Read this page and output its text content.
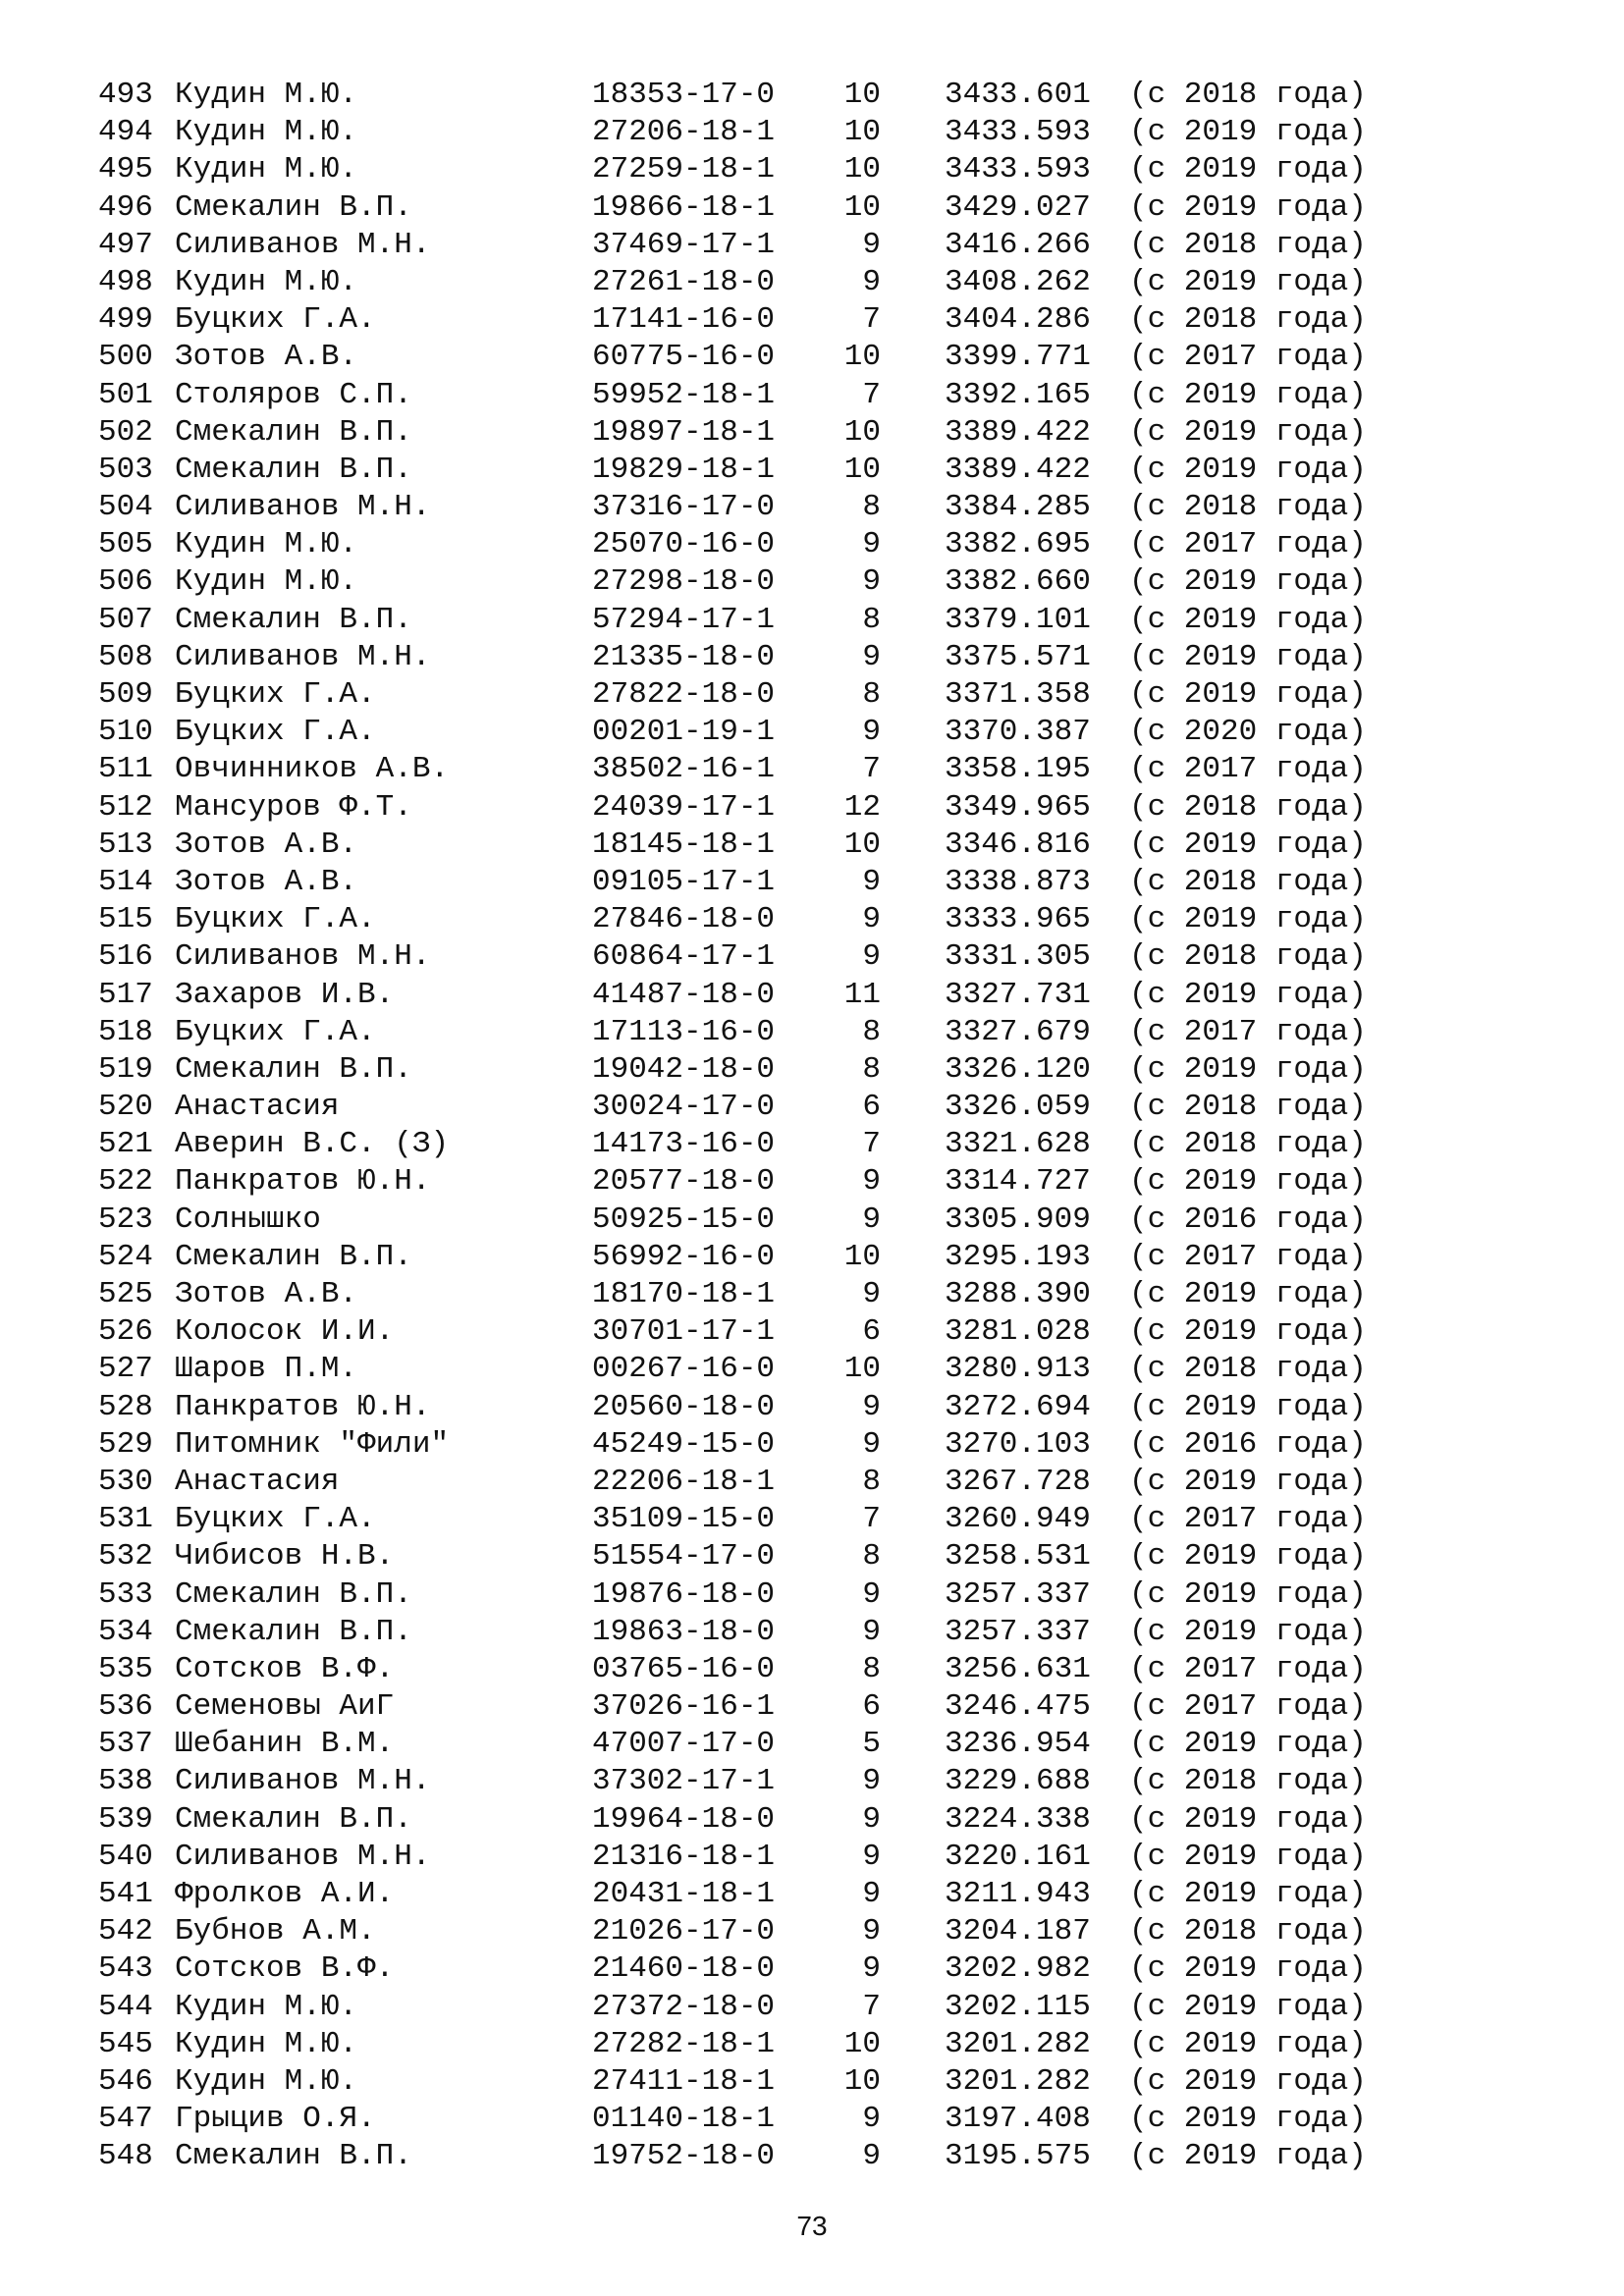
493 Кудин М.Ю.	18353-17-0	10 3433.601 (с 2018 года)
494 Кудин М.Ю.	27206-18-1	10 3433.593 (с 2019 года)
495 Кудин М.Ю.	27259-18-1	10 3433.593 (с 2019 года)
496 Смекалин В.П.	19866-18-1	10 3429.027 (с 2019 года)
497 Силиванов М.Н.	37469-17-1	9 3416.266 (с 2018 года)
498 Кудин М.Ю.	27261-18-0	9 3408.262 (с 2019 года)
499 Буцких Г.А.	17141-16-0	7 3404.286 (с 2018 года)
500 Зотов А.В.	60775-16-0	10 3399.771 (с 2017 года)
501 Столяров С.П.	59952-18-1	7 3392.165 (с 2019 года)
502 Смекалин В.П.	19897-18-1	10 3389.422 (с 2019 года)
503 Смекалин В.П.	19829-18-1	10 3389.422 (с 2019 года)
504 Силиванов М.Н.	37316-17-0	8 3384.285 (с 2018 года)
505 Кудин М.Ю.	25070-16-0	9 3382.695 (с 2017 года)
506 Кудин М.Ю.	27298-18-0	9 3382.660 (с 2019 года)
507 Смекалин В.П.	57294-17-1	8 3379.101 (с 2019 года)
508 Силиванов М.Н.	21335-18-0	9 3375.571 (с 2019 года)
509 Буцких Г.А.	27822-18-0	8 3371.358 (с 2019 года)
510 Буцких Г.А.	00201-19-1	9 3370.387 (с 2020 года)
511 Овчинников А.В.	38502-16-1	7 3358.195 (с 2017 года)
512 Мансуров Ф.Т.	24039-17-1	12 3349.965 (с 2018 года)
513 Зотов А.В.	18145-18-1	10 3346.816 (с 2019 года)
514 Зотов А.В.	09105-17-1	9 3338.873 (с 2018 года)
515 Буцких Г.А.	27846-18-0	9 3333.965 (с 2019 года)
516 Силиванов М.Н.	60864-17-1	9 3331.305 (с 2018 года)
517 Захаров И.В.	41487-18-0	11 3327.731 (с 2019 года)
518 Буцких Г.А.	17113-16-0	8 3327.679 (с 2017 года)
519 Смекалин В.П.	19042-18-0	8 3326.120 (с 2019 года)
520 Анастасия	30024-17-0	6 3326.059 (с 2018 года)
521 Аверин В.С. (З)	14173-16-0	7 3321.628 (с 2018 года)
522 Панкратов Ю.Н.	20577-18-0	9 3314.727 (с 2019 года)
523 Солнышко	50925-15-0	9 3305.909 (с 2016 года)
524 Смекалин В.П.	56992-16-0	10 3295.193 (с 2017 года)
525 Зотов А.В.	18170-18-1	9 3288.390 (с 2019 года)
526 Колосок И.И.	30701-17-1	6 3281.028 (с 2019 года)
527 Шаров П.М.	00267-16-0	10 3280.913 (с 2018 года)
528 Панкратов Ю.Н.	20560-18-0	9 3272.694 (с 2019 года)
529 Питомник "Фили"	45249-15-0	9 3270.103 (с 2016 года)
530 Анастасия	22206-18-1	8 3267.728 (с 2019 года)
531 Буцких Г.А.	35109-15-0	7 3260.949 (с 2017 года)
532 Чибисов Н.В.	51554-17-0	8 3258.531 (с 2019 года)
533 Смекалин В.П.	19876-18-0	9 3257.337 (с 2019 года)
534 Смекалин В.П.	19863-18-0	9 3257.337 (с 2019 года)
535 Сотсков В.Ф.	03765-16-0	8 3256.631 (с 2017 года)
536 Семеновы АиГ	37026-16-1	6 3246.475 (с 2017 года)
537 Шебанин В.М.	47007-17-0	5 3236.954 (с 2019 года)
538 Силиванов М.Н.	37302-17-1	9 3229.688 (с 2018 года)
539 Смекалин В.П.	19964-18-0	9 3224.338 (с 2019 года)
540 Силиванов М.Н.	21316-18-1	9 3220.161 (с 2019 года)
541 Фролков А.И.	20431-18-1	9 3211.943 (с 2019 года)
542 Бубнов А.М.	21026-17-0	9 3204.187 (с 2018 года)
543 Сотсков В.Ф.	21460-18-0	9 3202.982 (с 2019 года)
544 Кудин М.Ю.	27372-18-0	7 3202.115 (с 2019 года)
545 Кудин М.Ю.	27282-18-1	10 3201.282 (с 2019 года)
546 Кудин М.Ю.	27411-18-1	10 3201.282 (с 2019 года)
547 Грыцив О.Я.	01140-18-1	9 3197.408 (с 2019 года)
548 Смекалин В.П.	19752-18-0	9 3195.575 (с 2019 года)
73
